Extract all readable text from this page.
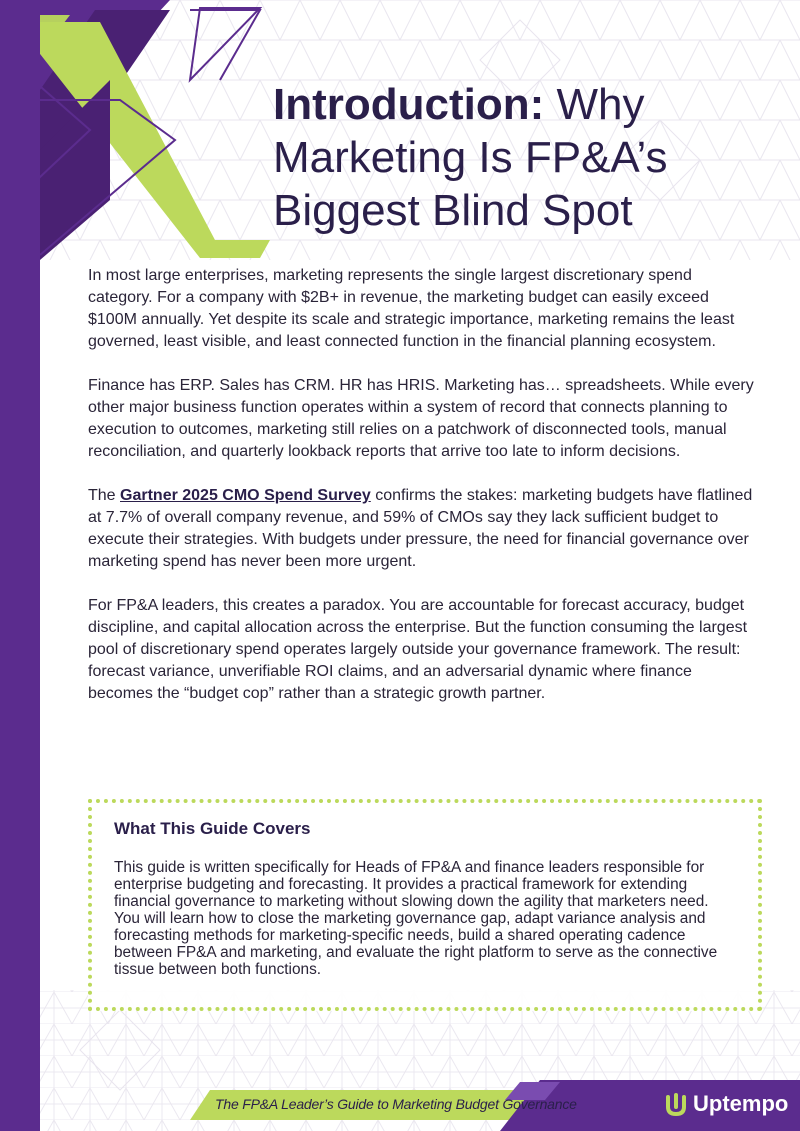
Introduction: Why Marketing Is FP&A’s Biggest Blind Spot

In most large enterprises, marketing represents the single largest discretionary spend category. For a company with $2B+ in revenue, the marketing budget can easily exceed $100M annually. Yet despite its scale and strategic importance, marketing remains the least governed, least visible, and least connected function in the financial planning ecosystem.

Finance has ERP. Sales has CRM. HR has HRIS. Marketing has… spreadsheets. While every other major business function operates within a system of record that connects planning to execution to outcomes, marketing still relies on a patchwork of disconnected tools, manual reconciliation, and quarterly lookback reports that arrive too late to inform decisions.

The Gartner 2025 CMO Spend Survey confirms the stakes: marketing budgets have flatlined at 7.7% of overall company revenue, and 59% of CMOs say they lack sufficient budget to execute their strategies. With budgets under pressure, the need for financial governance over marketing spend has never been more urgent.

For FP&A leaders, this creates a paradox. You are accountable for forecast accuracy, budget discipline, and capital allocation across the enterprise. But the function consuming the largest pool of discretionary spend operates largely outside your governance framework. The result: forecast variance, unverifiable ROI claims, and an adversarial dynamic where finance becomes the “budget cop” rather than a strategic growth partner.

What This Guide Covers

This guide is written specifically for Heads of FP&A and finance leaders responsible for enterprise budgeting and forecasting. It provides a practical framework for extending financial governance to marketing without slowing down the agility that marketers need. You will learn how to close the marketing governance gap, adapt variance analysis and forecasting methods for marketing-specific needs, build a shared operating cadence between FP&A and marketing, and evaluate the right platform to serve as the connective tissue between both functions.

The FP&A Leader’s Guide to Marketing Budget Governance	Uptempo
